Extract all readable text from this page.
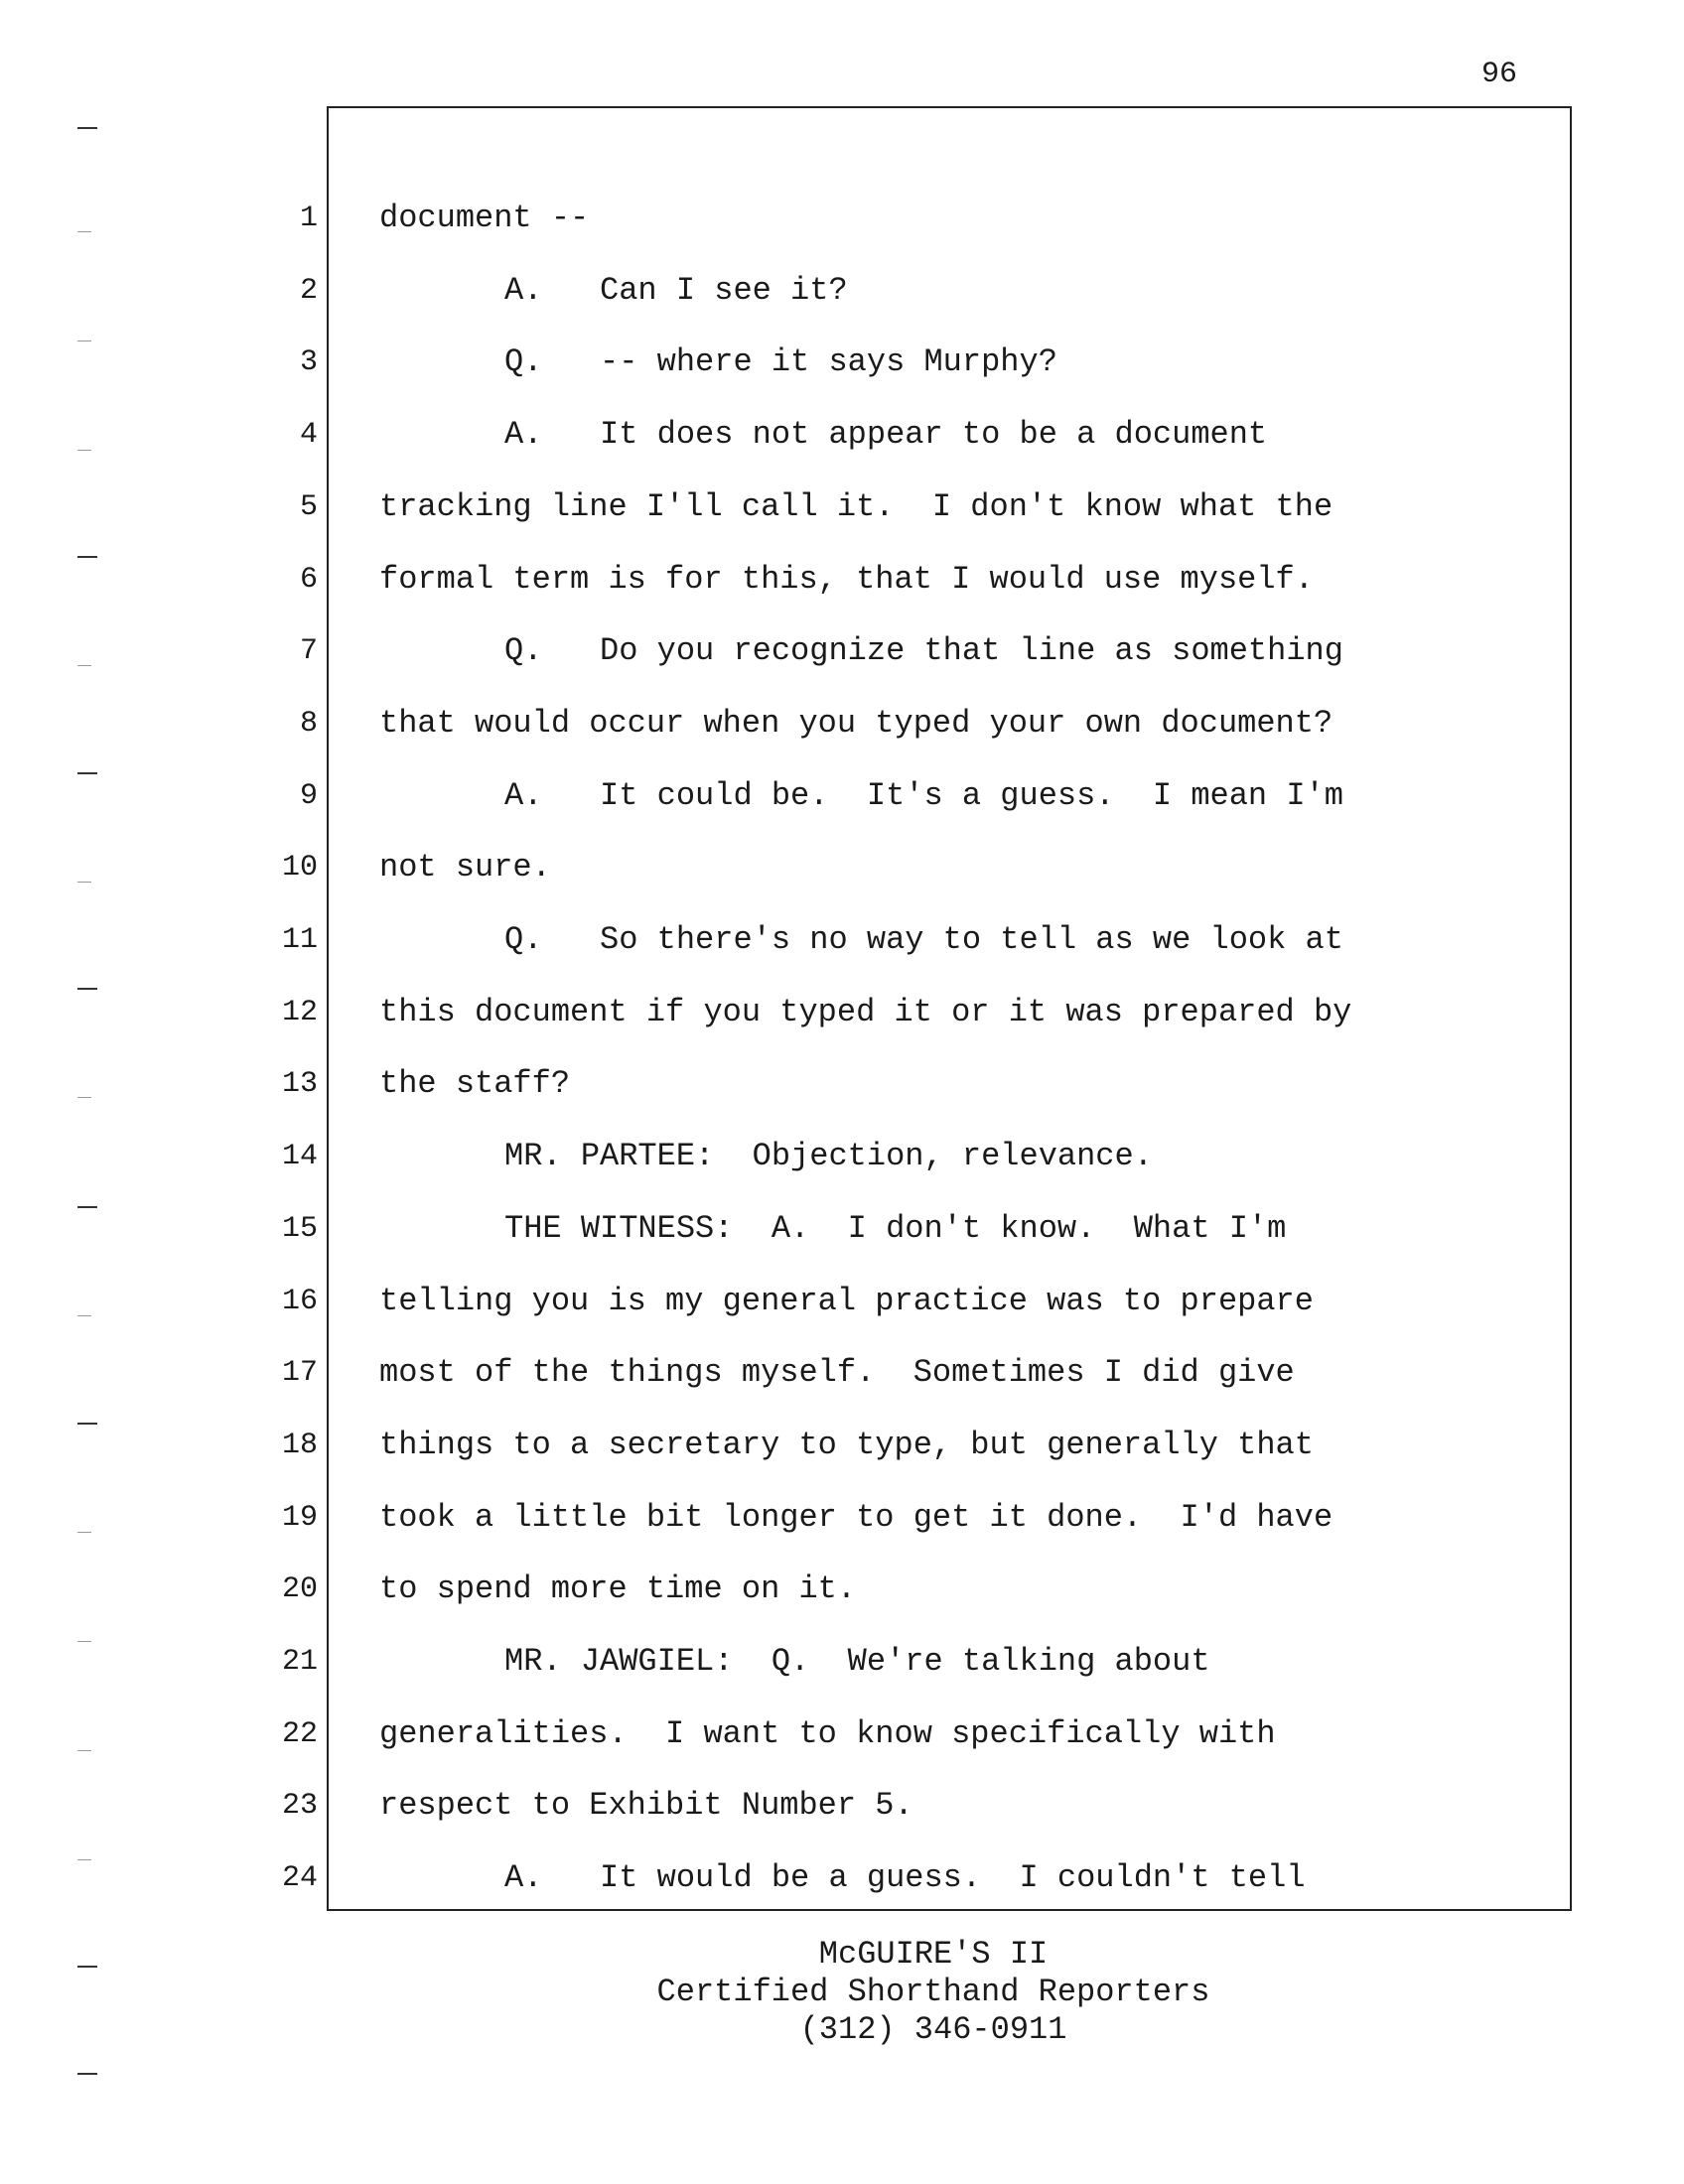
96
1 document --
2	A.   Can I see it?
3	Q.   -- where it says Murphy?
4	A.   It does not appear to be a document
5 tracking line I'll call it.  I don't know what the
6 formal term is for this, that I would use myself.
7	Q.   Do you recognize that line as something
8 that would occur when you typed your own document?
9	A.   It could be.  It's a guess.  I mean I'm
10 not sure.
11	Q.   So there's no way to tell as we look at
12 this document if you typed it or it was prepared by
13 the staff?
14	MR. PARTEE:  Objection, relevance.
15	THE WITNESS:  A.  I don't know.  What I'm
16 telling you is my general practice was to prepare
17 most of the things myself.  Sometimes I did give
18 things to a secretary to type, but generally that
19 took a little bit longer to get it done.  I'd have
20 to spend more time on it.
21	MR. JAWGIEL:  Q.  We're talking about
22 generalities.  I want to know specifically with
23 respect to Exhibit Number 5.
24	A.   It would be a guess.  I couldn't tell
McGUIRE'S II
Certified Shorthand Reporters
(312) 346-0911
